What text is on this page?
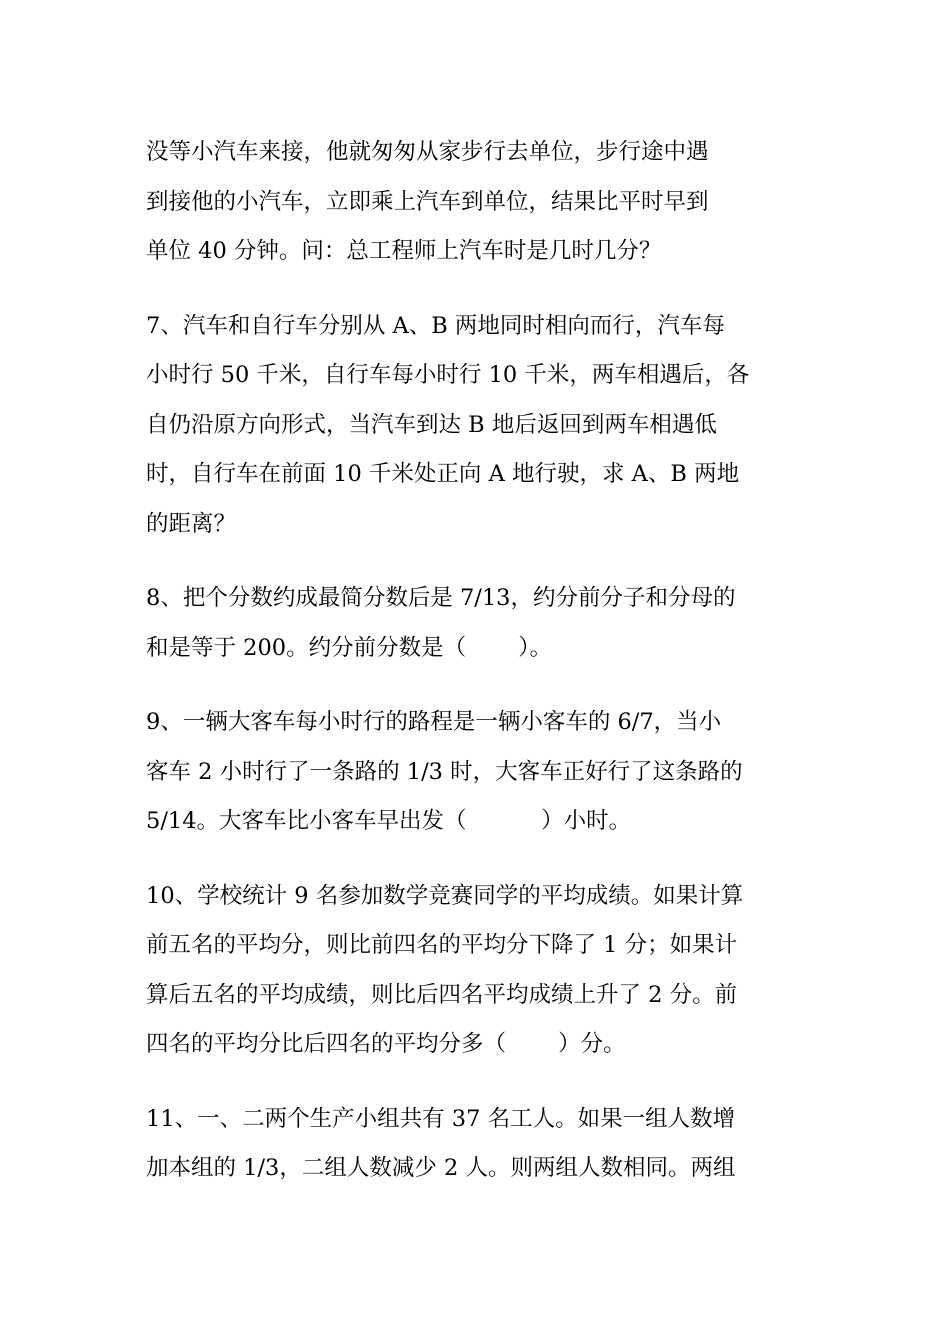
没等小汽车来接，他就匆匆从家步行去单位，步行途中遇
到接他的小汽车，立即乘上汽车到单位，结果比平时早到
单位 40 分钟。问：总工程师上汽车时是几时几分？
7、汽车和自行车分别从 A、B 两地同时相向而行，汽车每
小时行 50 千米，自行车每小时行 10 千米，两车相遇后，各
自仍沿原方向形式，当汽车到达 B 地后返回到两车相遇低
时，自行车在前面 10 千米处正向 A 地行驶，求 A、B 两地
的距离？
8、把个分数约成最简分数后是 7/13，约分前分子和分母的
和是等于 200。约分前分数是（　　 ）。
9、一辆大客车每小时行的路程是一辆小客车的 6/7，当小
客车 2 小时行了一条路的 1/3 时，大客车正好行了这条路的
5/14。大客车比小客车早出发（　　　 ）小时。
10、学校统计 9 名参加数学竞赛同学的平均成绩。如果计算
前五名的平均分，则比前四名的平均分下降了 1 分；如果计
算后五名的平均成绩，则比后四名平均成绩上升了 2 分。前
四名的平均分比后四名的平均分多（　　 ）分。
11、一、二两个生产小组共有 37 名工人。如果一组人数增
加本组的 1/3，二组人数减少 2 人。则两组人数相同。两组
